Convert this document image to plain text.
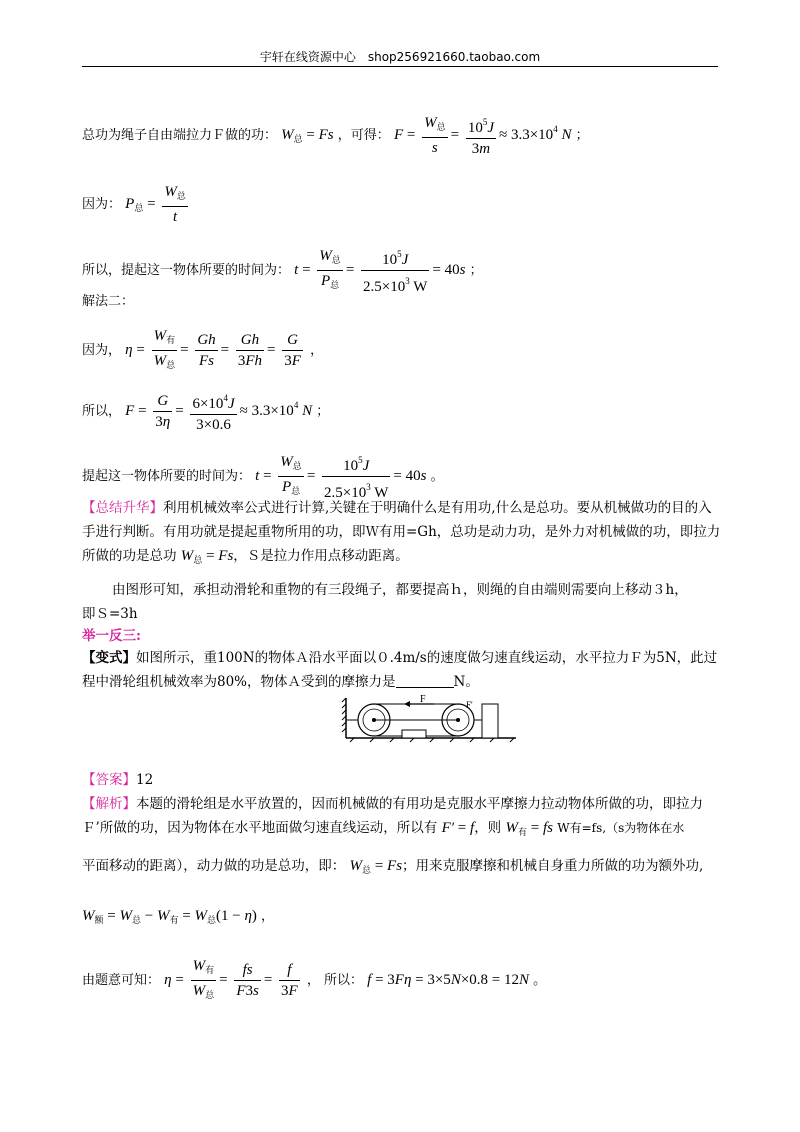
宇轩在线资源中心　shop256921660.taobao.com
总功为绳子自由端拉力Ｆ做的功： $W_总 = Fs$ ，可得： $F = \frac{W_总}{s} = \frac{10^5J}{3m} \approx 3.3\times 10^4$ N ；
因为： $P_总 = \frac{W_总}{t}$
所以，提起这一物体所要的时间为： $t = \frac{W_总}{P_总} = \frac{10^5J}{2.5\times 10^3 W} = 40s$ ；
解法二：
因为， $\eta = \frac{W_有}{W_总} = \frac{Gh}{Fs} = \frac{Gh}{3Fh} = \frac{G}{3F}$ ，
所以， $F = \frac{G}{3\eta} = \frac{6\times 10^4J}{3\times 0.6} \approx 3.3\times 10^4$ N ；
提起这一物体所要的时间为： $t = \frac{W_总}{P_总} = \frac{10^5J}{2.5\times 10^3 W} = 40s$ 。
【总结升华】利用机械效率公式进行计算,关键在于明确什么是有用功,什么是总功。要从机械做功的目的入手进行判断。有用功就是提起重物所用的功，即Ｗ有用=Gh，总功是动力功，是外力对机械做的功，即拉力所做的功是总功 $W_总 = Fs$，Ｓ是拉力作用点移动距离。
由图形可知，承担动滑轮和重物的有三段绳子，都要提高ｈ，则绳的自由端则需要向上移动３h，
即Ｓ=3h
举一反三:
【变式】如图所示，重100N的物体Ａ沿水平面以０.4m/s的速度做匀速直线运动，水平拉力Ｆ为5N，此过程中滑轮组机械效率为80%，物体Ａ受到的摩擦力是	N。
F	F'
【答案】12
【解析】本题的滑轮组是水平放置的，因而机械做的有用功是克服水平摩擦力拉动物体所做的功，即拉力Ｆ’所做的功，因为物体在水平地面做匀速直线运动，所以有 F′ = f，则 $W_有$ = fs W有=fs,（s为物体在水
平面移动的距离），动力做的功是总功，即： $W_总 = Fs$；用来克服摩擦和机械自身重力所做的功为额外功,
$W_额 = W_总 - W_有 = W_总(1 - \eta)$ ，
由题意可知： $\eta = \frac{W_有}{W_总} = \frac{fs}{F3s} = \frac{f}{3F}$ ， 所以： f = 3Fη = 3×5N×0.8 = 12N 。
